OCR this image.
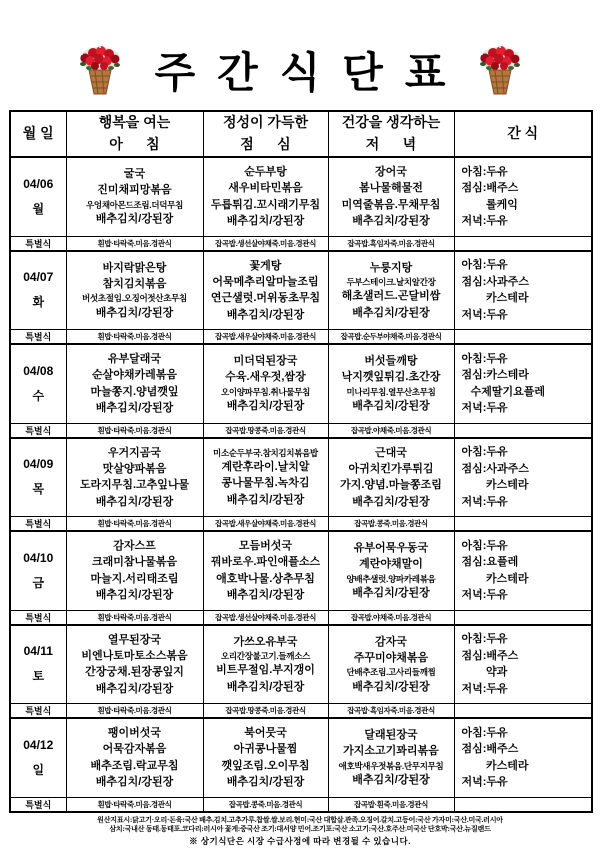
주간식단표
월 일	
행복을 여는
아      침

정성이 가득한
점      심

건강을 생각하는
저      녁
	간 식

04/06
월

굴국
진미채피망볶음
우엉채아몬드조림.더덕무침
배추김치/강된장

순두부탕
새우비타민볶음
두릅튀김.꼬시래기무침
배추김치/강된장

장어국
봄나물해물전
미역줄볶음.무채무침
배추김치/강된장

아침:두유
점심:배주스
롤케익
저녁:두유

특별식	흰밥·타락죽.미음.경관식	잡곡밥.생선살야채죽.미음.경관식	잡곡밥.흑임자죽.미음.경관식	

04/07
화

바지락맑은탕
참치김치볶음
버섯초절임.오징어젓산초무침
배추김치/강된장

꽃게탕
어묵메추리알마늘조림
연근샐럿.머위동초무침
배추김치/강된장

누룽지탕
두부스테이크.날치알간장
해초샐러드.곤달비쌈
배추김치/강된장

아침:두유
점심:사과주스
카스테라
저녁:두유

특별식	흰밥·타락죽.미음.경관식	잡곡밥.새우살야채죽.미음.경관식	잡곡밥.순두부야채죽.미음.경관식	

04/08
수

유부달래국
순살야채카레볶음
마늘쫑지.양념깻잎
배추김치/강된장

미더덕된장국
수육.새우젓,쌈장
오이양파무침.취나물무침
배추김치/강된장

버섯들깨탕
낙지깻잎튀김.초간장
미나리무침.열무산초무침
배추김치/강된장

아침:두유
점심:카스테라
수제딸기요플레
저녁:두유

특별식	흰밥·타락죽.미음.경관식	잡곡밥.땅콩죽.미음.경관식	잡곡밥.야채죽.미음.경관식	

04/09
목

우거지곰국
맛살양파볶음
도라지무침.고추잎나물
배추김치/강된장

미소순두부국.참치김치볶음밥
계란후라이.날치알
콩나물무침.녹차김
배추김치/강된장

근대국
아귀치킨가루튀김
가지.양념.마늘쫑조림
배추김치/강된장

아침:두유
점심:사과주스
카스테라
저녁:두유

특별식	흰밥·타락죽.미음.경관식	잡곡밥.새우살야채죽.미음.경관식	잡곡밥.콩죽.미음.경관식	

04/10
금

감자스프
크래미참나물볶음
마늘지.서리태조림
배추김치/강된장

모듬버섯국
꿔바로우.파인애플소스
애호박나물.상추무침
배추김치/강된장

유부어묵우동국
계란야채말이
양배추샐럿.양파카레볶음
배추김치/강된장

아침:두유
점심:요플레
카스테라
저녁:두유

특별식	흰밥·타락죽.미음.경관식	잡곡밥.생선살야채죽.미음.경관식	잡곡밥.야채죽.미음.경관식	

04/11
토

열무된장국
비엔나토마토소스볶음
간장궁채.된장콩잎지
배추김치/강된장

가쓰오유부국
오리간장불고기.들깨소스
비트무절임.부지갱이
배추김치/강된장

감자국
주꾸미야채볶음
단배추조림.고사리들깨찜
배추김치/강된장

아침:두유
점심:배주스
약과
저녁:두유

특별식	흰밥·타락죽.미음.경관식	잡곡밥.땅콩죽.미음.경관식	잡곡밥·흑임자죽.미음.경관식	

04/12
일

팽이버섯국
어묵감자볶음
배추조림.락교무침
배추김치/강된장

북어뭇국
아귀콩나물찜
깻잎조림.오이무침
배추김치/강된장

달래된장국
가지소고기꽈리볶음
애호박새우젓볶음.단무지무침
배추김치/강된장

아침:두유
점심:배주스
카스테라
저녁:두유

특별식	흰밥·타락죽.미음.경관식	잡곡밥.콩죽.미음.경관식	잡곡밥·흰죽.미음.경관식	
원산지표시:닭고기·오리·돈육:국산 배추.김치.고추가루.찹쌀.쌀.보리.현미:국산 대합살.관족.오징어.갈치.고등어:국산 가자미:국산.미국.러시아
삼치:국내산 동태.동태포.코다리:러시아 꽃게:중국산 조기:대서양 민어.조기포:국산 소고기:국산.호주산.미국산 단호박:국산.뉴질랜드
※ 상기식단은 시장 수급사정에 따라 변경될 수 있습니다.
